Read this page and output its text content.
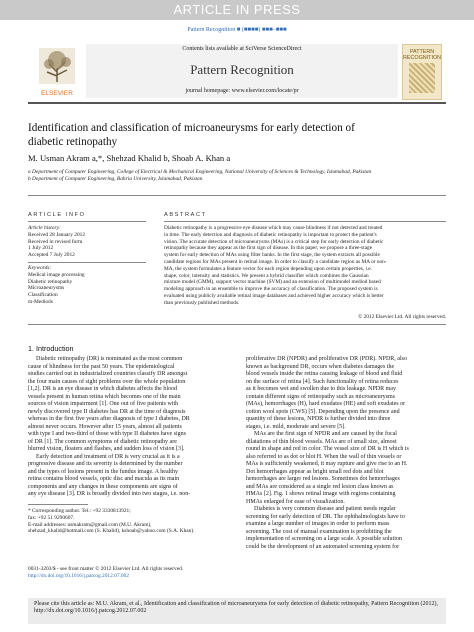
ARTICLE IN PRESS
Pattern Recognition ■ (■■■■) ■■■–■■■
ELSEVIER
Contents lists available at SciVerse ScienceDirect
Pattern Recognition
journal homepage: www.elsevier.com/locate/pr
PATTERN RECOGNITION
Identification and classification of microaneurysms for early detection of
diabetic retinopathy
M. Usman Akram a,*, Shehzad Khalid b, Shoab A. Khan a
a Department of Computer Engineering, College of Electrical & Mechanical Engineering, National University of Sciences & Technology, Islamabad, Pakistan
b Department of Computer Engineering, Bahria University, Islamabad, Pakistan
ARTICLE INFO
Article history:
Received 28 January 2012
Received in revised form
1 July 2012
Accepted 7 July 2012
Keywords:
Medical image processing
Diabetic retinopathy
Microaneurysms
Classification
m-Mediods
ABSTRACT
Diabetic retinopathy is a progressive eye disease which may cause blindness if not detected and treated
in time. The early detection and diagnosis of diabetic retinopathy is important to protect the patient's
vision. The accurate detection of microaneurysms (MAs) is a critical step for early detection of diabetic
retinopathy because they appear as the first sign of disease. In this paper, we propose a three-stage
system for early detection of MAs using filter banks. In the first stage, the system extracts all possible
candidate regions for MAs present in retinal image. In order to classify a candidate region as MA or non-
MA, the system formulates a feature vector for each region depending upon certain properties, i.e.
shape, color, intensity and statistics. We present a hybrid classifier which combines the Gaussian
mixture model (GMM), support vector machine (SVM) and an extension of multimodel mediod based
modeling approach in an ensemble to improve the accuracy of classification. The proposed system is
evaluated using publicly available retinal image databases and achieved higher accuracy which is better
than previously published methods.
© 2012 Elsevier Ltd. All rights reserved.
1. Introduction
Diabetic retinopathy (DR) is nominated as the most common
cause of blindness for the past 50 years. The epidemiological
studies carried out in industrialized countries classify DR amongst
the four main causes of sight problems over the whole population
[1,2]. DR is an eye disease in which diabetes affects the blood
vessels present in human retina which becomes one of the main
sources of vision impairment [1]. One out of five patients with
newly discovered type II diabetes has DR at the time of diagnosis
whereas in the first five years after diagnosis of type I diabetes, DR
almost never occurs. However after 15 years, almost all patients
with type I and two-third of those with type II diabetes have signs
of DR [1]. The common symptoms of diabetic retinopathy are
blurred vision, floaters and flashes, and sudden loss of vision [3].
Early detection and treatment of DR is very crucial as it is a
progressive disease and its severity is determined by the number
and the types of lesions present in the fundus image. A healthy
retina contains blood vessels, optic disc and macula as its main
components and any changes in these components are signs of
any eye disease [3]. DR is broadly divided into two stages, i.e. non-
* Corresponding author. Tel.: +92 3330813921;
fax: +92 51 9290607.
E-mail addresses: usmakram@gmail.com (M.U. Akram),
shehzad_khalid@hotmail.com (S. Khalid), kshoab@yahoo.com (S.A. Khan).
0031-3203/$ - see front matter © 2012 Elsevier Ltd. All rights reserved.
http://dx.doi.org/10.1016/j.patcog.2012.07.002
proliferative DR (NPDR) and proliferative DR (PDR). NPDR, also
known as background DR, occurs when diabetes damages the
blood vessels inside the retina causing leakage of blood and fluid
on the surface of retina [4]. Such functionality of retina reduces
as it becomes wet and swollen due to this leakage. NPDR may
contain different signs of retinopathy such as microaneurysms
(MAs), hemorrhages (H), hard exudates (HE) and soft exudates or
cotton wool spots (CWS) [5]. Depending upon the presence and
quantity of these lesions, NPDR is further divided into three
stages, i.e. mild, moderate and severe [5].
MAs are the first sign of NPDR and are caused by the focal
dilatations of thin blood vessels. MAs are of small size, almost
round in shape and red in color. The vessel size of DR is H which is
also referred to as dot or blot H. When the wall of thin vessels or
MAs is sufficiently weakened, it may rupture and give rise to an H.
Dot hemorrhages appear as bright small red dots and blot
hemorrhages are larger red lesions. Sometimes dot hemorrhages
and MAs are considered as a single red lesion class known as
HMAs [2]. Fig. 1 shows retinal image with regions containing
HMAs enlarged for ease of visualization.
Diabetes is very common disease and patient needs regular
screening for early detection of DR. The ophthalmologists have to
examine a large number of images in order to perform mass
screening. The cost of manual examination is prohibiting the
implementation of screening on a large scale. A possible solution
could be the development of an automated screening system for
Please cite this article as: M.U. Akram, et al., Identification and classification of microaneurysms for early detection of diabetic retinopathy, Pattern Recognition (2012), http://dx.doi.org/10.1016/j.patcog.2012.07.002
